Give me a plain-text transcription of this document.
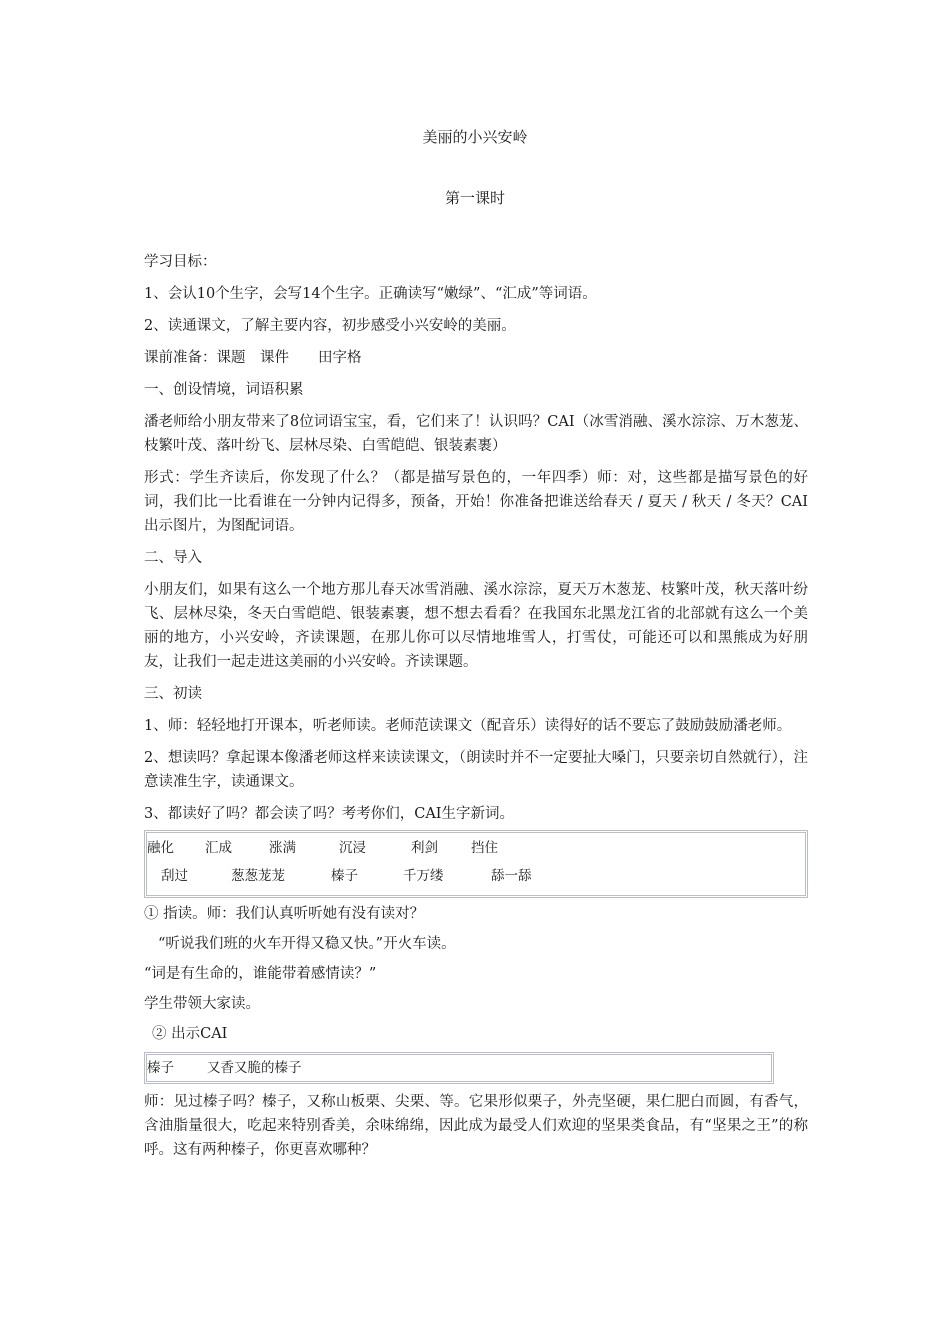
美丽的小兴安岭
第一课时

学习目标：

1、会认10个生字，会写14个生字。正确读写“嫩绿”、“汇成”等词语。

2、读通课文，了解主要内容，初步感受小兴安岭的美丽。

课前准备：课题　课件　　田字格

一、创设情境，词语积累

潘老师给小朋友带来了8位词语宝宝，看，它们来了！认识吗？CAI（冰雪消融、溪水淙淙、万木葱茏、枝繁叶茂、落叶纷飞、层林尽染、白雪皑皑、银装素裹）

形式：学生齐读后，你发现了什么？（都是描写景色的，一年四季）师：对，这些都是描写景色的好词，我们比一比看谁在一分钟内记得多，预备，开始！你准备把谁送给春天 / 夏天 / 秋天 / 冬天？CAI出示图片，为图配词语。

二、导入

小朋友们，如果有这么一个地方那儿春天冰雪消融、溪水淙淙，夏天万木葱茏、枝繁叶茂，秋天落叶纷飞、层林尽染，冬天白雪皑皑、银装素裹，想不想去看看？在我国东北黑龙江省的北部就有这么一个美丽的地方，小兴安岭，齐读课题，在那儿你可以尽情地堆雪人，打雪仗，可能还可以和黑熊成为好朋友，让我们一起走进这美丽的小兴安岭。齐读课题。

三、初读

1、师：轻轻地打开课本，听老师读。老师范读课文（配音乐）读得好的话不要忘了鼓励鼓励潘老师。

2、想读吗？拿起课本像潘老师这样来读读课文，（朗读时并不一定要扯大嗓门，只要亲切自然就行），注意读准生字，读通课文。

3、都读好了吗？都会读了吗？考考你们，CAI生字新词。

融化 汇成	涨满	沉浸	利剑 挡住
刮过	葱葱茏茏	榛子	千万缕	舔一舔

① 指读。师：我们认真听听她有没有读对？

“听说我们班的火车开得又稳又快。”开火车读。

“词是有生命的，谁能带着感情读？”

学生带领大家读。

② 出示CAI

榛子 又香又脆的榛子

师：见过榛子吗？榛子，又称山板栗、尖栗、等。它果形似栗子，外壳坚硬，果仁肥白而圆，有香气，含油脂量很大，吃起来特别香美，余味绵绵，因此成为最受人们欢迎的坚果类食品，有“坚果之王”的称呼。这有两种榛子，你更喜欢哪种？
